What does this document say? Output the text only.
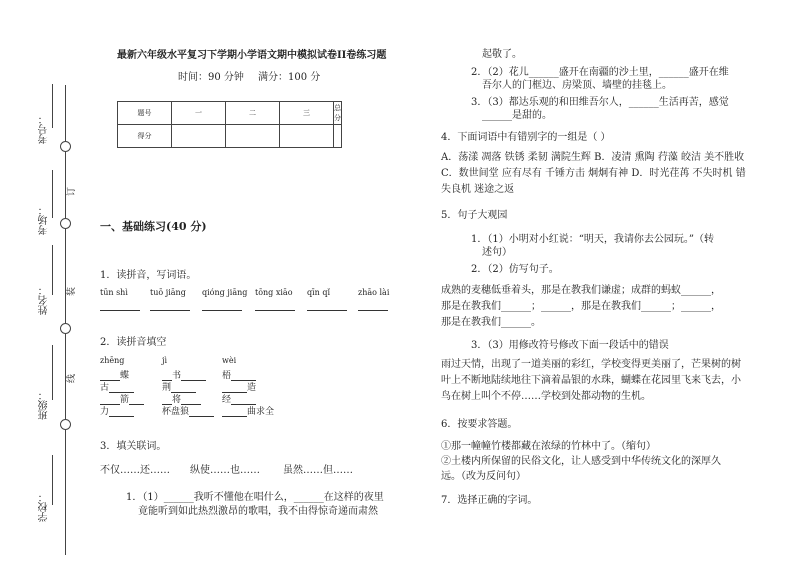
订
装
线
考号：
考场：
姓名：
班级：
学校：
最新六年级水平复习下学期小学语文期中模拟试卷II卷练习题
时间：90 分钟 满分：100 分
题号	一	二	三	总分
得分				
一、基础练习(40 分)
1．读拼音，写词语。
tūn shì	tuō jiāng qióng jiāng tōng xiāo qīn qǐ	zhāo lài
2．读拼音填空
zhēng	jì	wèi
蝶	书	梧
古	荆	造
箭	将	经
力	杯盘狼	曲求全
3．填关联词。
不仅……还…… 纵使……也…… 虽然……但……
1．（1）______我听不懂他在唱什么，______在这样的夜里
竟能听到如此热烈激昂的歌唱，我不由得惊奇递而肃然
起敬了。
2．（2）花儿______盛开在南疆的沙土里，______盛开在维
吾尔人的门框边、房梁顶、墙壁的挂毯上。
3．（3）都达乐观的和田维吾尔人，______生活再苦，感觉
______是甜的。
4．下面词语中有错别字的一组是（ ）
A．荡漾 凋落 铁锈 柔韧 满院生辉 B．凌清 熏陶 荇藻 皎洁 美不胜收 C．数世间堂 应有尽有 千锤方击 炯炯有神 D．时光荏苒 不失时机 错失良机 迷途之返
5．句子大观园
1．（1）小明对小红说：“明天，我请你去公园玩。”（转
述句）
2．（2）仿写句子。
成熟的麦穗低垂着头，那是在教我们谦虚；成群的蚂蚁______，
那是在教我们______；______，那是在教我们______；______，
那是在教我们______。
3．（3）用修改符号修改下面一段话中的错误
雨过天情，出现了一道美丽的彩红，学校变得更美丽了，芒果树的树叶上不断地陆续地往下滴着晶银的水珠，蝴蝶在花园里飞来飞去，小鸟在树上叫个不停……学校到处都动物的生机。
6．按要求答题。
①那一幢幢竹楼都藏在浓绿的竹林中了。（缩句）
②土楼内所保留的民俗文化，让人感受到中华传统文化的深厚久
远。（改为反问句）
7．选择正确的字词。
